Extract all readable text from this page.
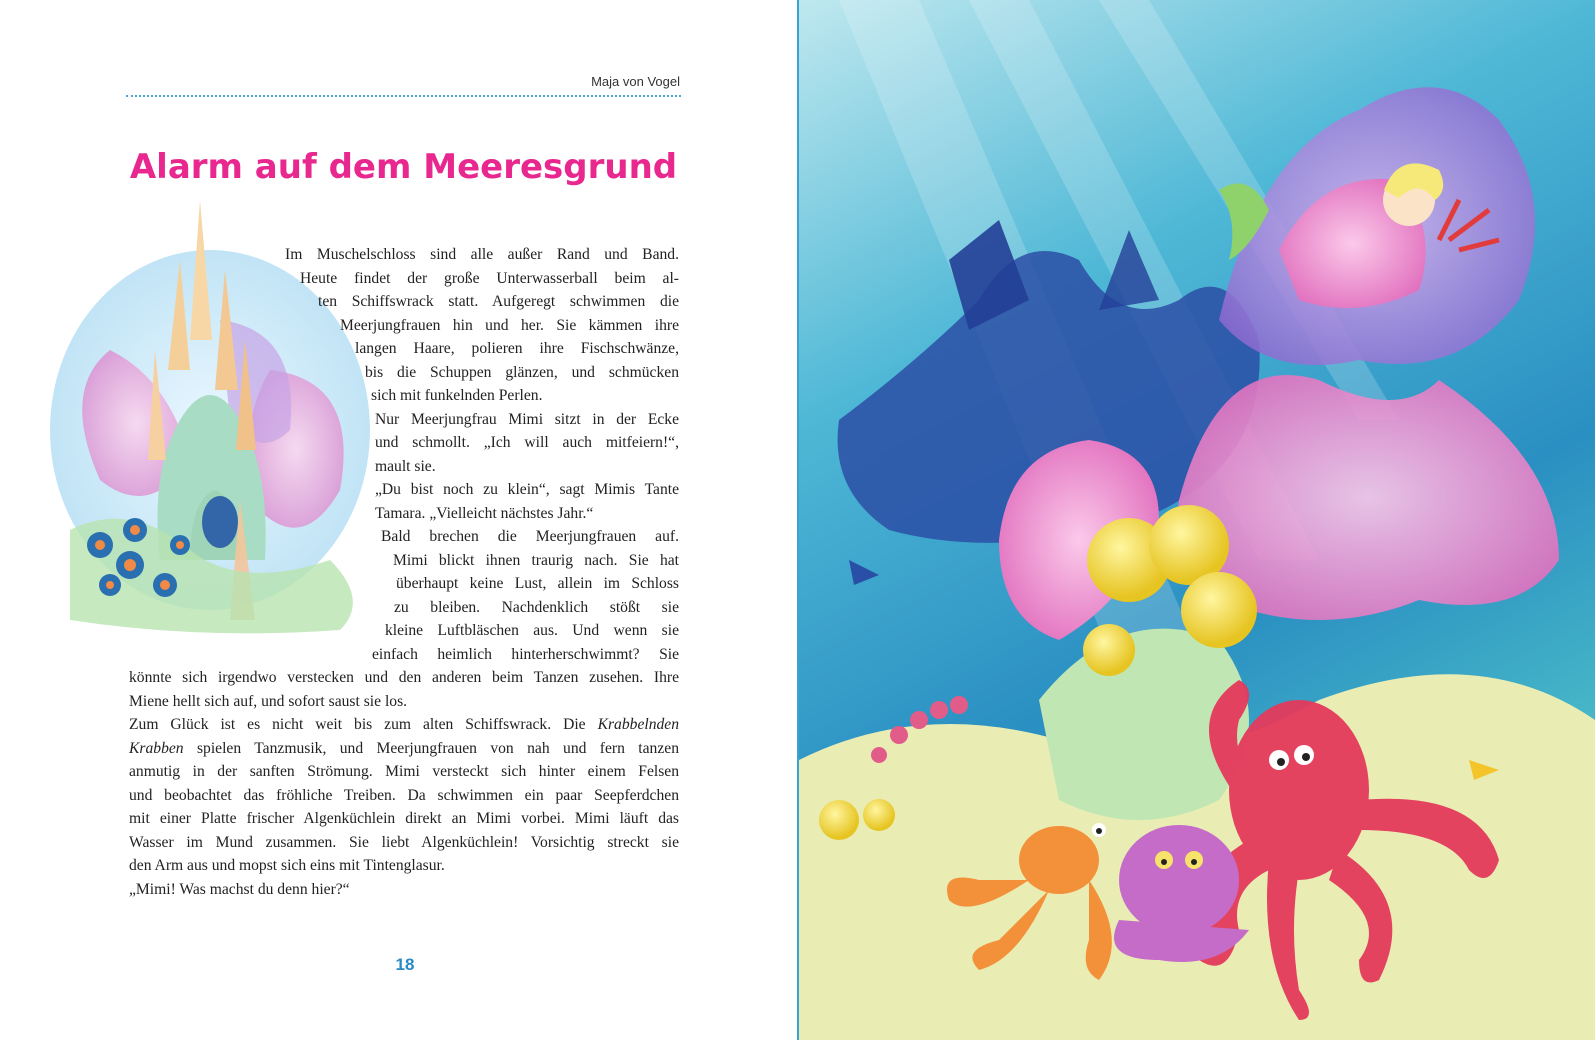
Maja von Vogel
Alarm auf dem Meeresgrund
Im Muschelschloss sind alle außer Rand und Band.
Heute findet der große Unterwasserball beim al-
ten Schiffswrack statt. Aufgeregt schwimmen die
Meerjungfrauen hin und her. Sie kämmen ihre
langen Haare, polieren ihre Fischschwänze,
bis die Schuppen glänzen, und schmücken
sich mit funkelnden Perlen.
Nur Meerjungfrau Mimi sitzt in der Ecke
und schmollt. „Ich will auch mitfeiern!“,
mault sie.
„Du bist noch zu klein“, sagt Mimis Tante
Tamara. „Vielleicht nächstes Jahr.“
Bald brechen die Meerjungfrauen auf.
Mimi blickt ihnen traurig nach. Sie hat
überhaupt keine Lust, allein im Schloss
zu bleiben. Nachdenklich stößt sie
kleine Luftbläschen aus. Und wenn sie
einfach heimlich hinterherschwimmt? Sie
könnte sich irgendwo verstecken und den anderen beim Tanzen zusehen. Ihre
Miene hellt sich auf, und sofort saust sie los.
Zum Glück ist es nicht weit bis zum alten Schiffswrack. Die Krabbelnden
Krabben spielen Tanzmusik, und Meerjungfrauen von nah und fern tanzen
anmutig in der sanften Strömung. Mimi versteckt sich hinter einem Felsen
und beobachtet das fröhliche Treiben. Da schwimmen ein paar Seepferdchen
mit einer Platte frischer Algenküchlein direkt an Mimi vorbei. Mimi läuft das
Wasser im Mund zusammen. Sie liebt Algenküchlein! Vorsichtig streckt sie
den Arm aus und mopst sich eins mit Tintenglasur.
„Mimi! Was machst du denn hier?“
18
